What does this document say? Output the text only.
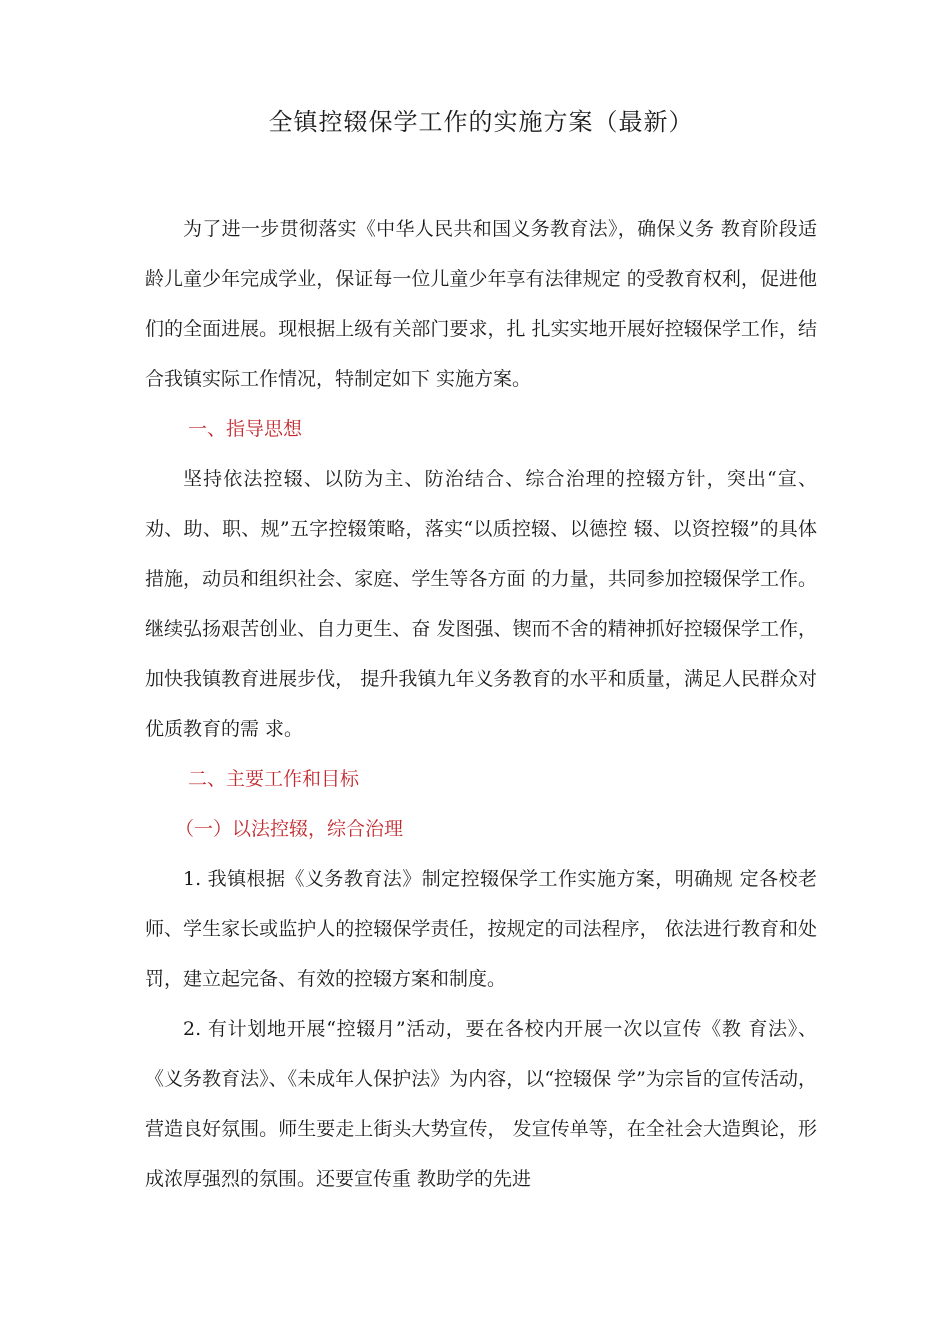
全镇控辍保学工作的实施方案（最新）

为了进一步贯彻落实《中华人民共和国义务教育法》，确保义务 教育阶段适龄儿童少年完成学业，保证每一位儿童少年享有法律规定 的受教育权利，促进他们的全面进展。现根据上级有关部门要求，扎 扎实实地开展好控辍保学工作，结合我镇实际工作情况，特制定如下 实施方案。

一、指导思想

坚持依法控辍、以防为主、防治结合、综合治理的控辍方针，突出“宣、劝、助、职、规”五字控辍策略，落实“以质控辍、以德控 辍、以资控辍”的具体措施，动员和组织社会、家庭、学生等各方面 的力量，共同参加控辍保学工作。继续弘扬艰苦创业、自力更生、奋 发图强、锲而不舍的精神抓好控辍保学工作，加快我镇教育进展步伐， 提升我镇九年义务教育的水平和质量，满足人民群众对优质教育的需 求。

二、主要工作和目标
（一）以法控辍，综合治理

1. 我镇根据《义务教育法》制定控辍保学工作实施方案，明确规 定各校老师、学生家长或监护人的控辍保学责任，按规定的司法程序， 依法进行教育和处罚，建立起完备、有效的控辍方案和制度。

2. 有计划地开展“控辍月”活动，要在各校内开展一次以宣传《教 育法》、《义务教育法》、《未成年人保护法》为内容，以“控辍保 学”为宗旨的宣传活动，营造良好氛围。师生要走上街头大势宣传， 发宣传单等，在全社会大造舆论，形成浓厚强烈的氛围。还要宣传重 教助学的先进
